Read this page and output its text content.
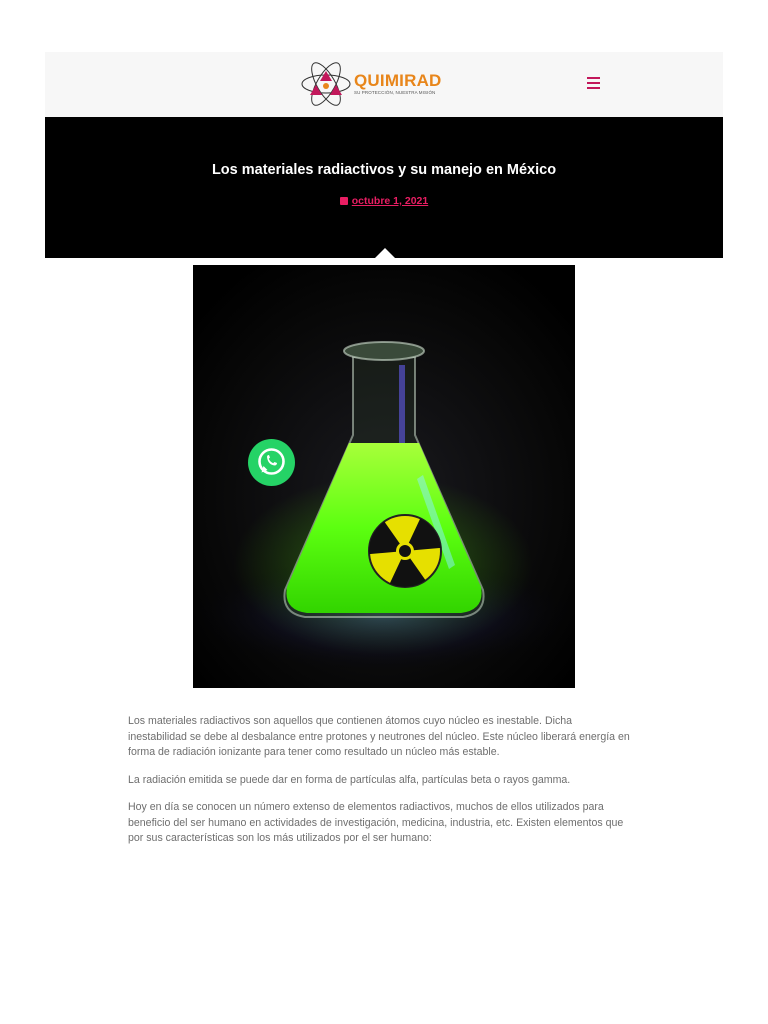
QUIMIRAD
SU PROTECCIÓN, NUESTRA MISIÓN
Los materiales radiactivos y su manejo en México
octubre 1, 2021

Los materiales radiactivos son aquellos que contienen átomos cuyo núcleo es inestable. Dicha inestabilidad se debe al desbalance entre protones y neutrones del núcleo. Este núcleo liberará energía en forma de radiación ionizante para tener como resultado un núcleo más estable.

La radiación emitida se puede dar en forma de partículas alfa, partículas beta o rayos gamma.

Hoy en día se conocen un número extenso de elementos radiactivos, muchos de ellos utilizados para beneficio del ser humano en actividades de investigación, medicina, industria, etc. Existen elementos que por sus características son los más utilizados por el ser humano:
